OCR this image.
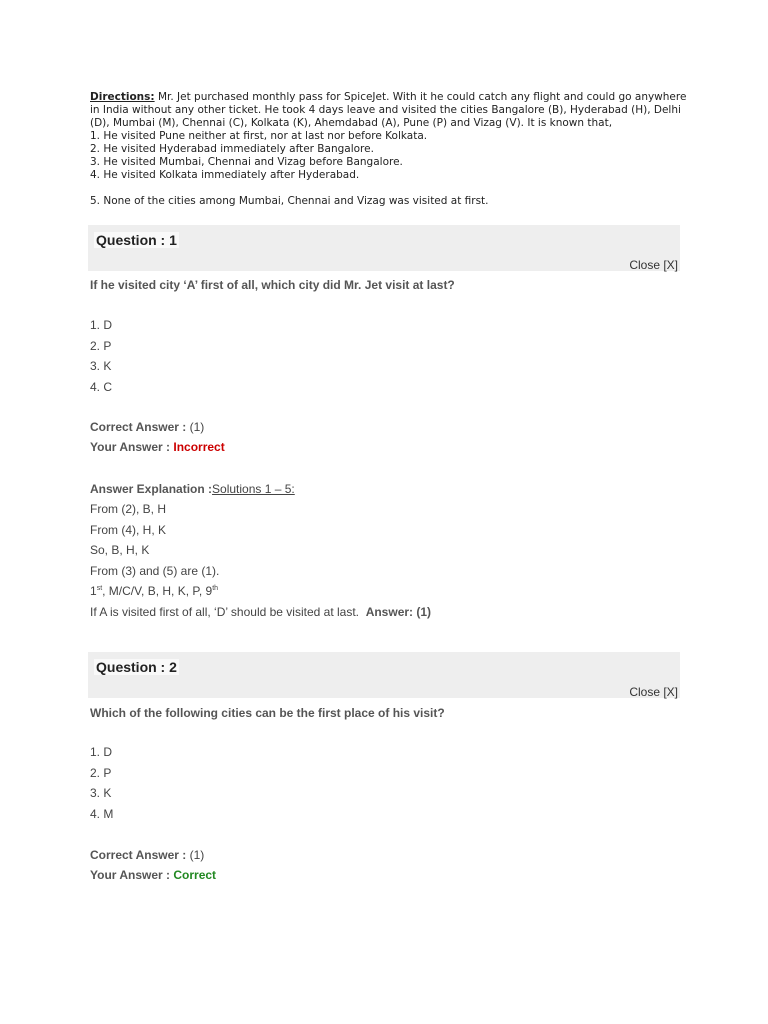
Directions: Mr. Jet purchased monthly pass for SpiceJet. With it he could catch any flight and could go anywhere in India without any other ticket. He took 4 days leave and visited the cities Bangalore (B), Hyderabad (H), Delhi (D), Mumbai (M), Chennai (C), Kolkata (K), Ahemdabad (A), Pune (P) and Vizag (V). It is known that,
1. He visited Pune neither at first, nor at last nor before Kolkata.
2. He visited Hyderabad immediately after Bangalore.
3. He visited Mumbai, Chennai and Vizag before Bangalore.
4. He visited Kolkata immediately after Hyderabad.
5. None of the cities among Mumbai, Chennai and Vizag was visited at first.
Question : 1
Close [X]
If he visited city ‘A’ first of all, which city did Mr. Jet visit at last?
1. D
2. P
3. K
4. C
Correct Answer : (1)
Your Answer : Incorrect
Answer Explanation :Solutions 1 – 5:
From (2), B, H
From (4), H, K
So, B, H, K
From (3) and (5) are (1).
1st, M/C/V, B, H, K, P, 9th
If A is visited first of all, ‘D’ should be visited at last. Answer: (1)
Question : 2
Close [X]
Which of the following cities can be the first place of his visit?
1. D
2. P
3. K
4. M
Correct Answer : (1)
Your Answer : Correct
